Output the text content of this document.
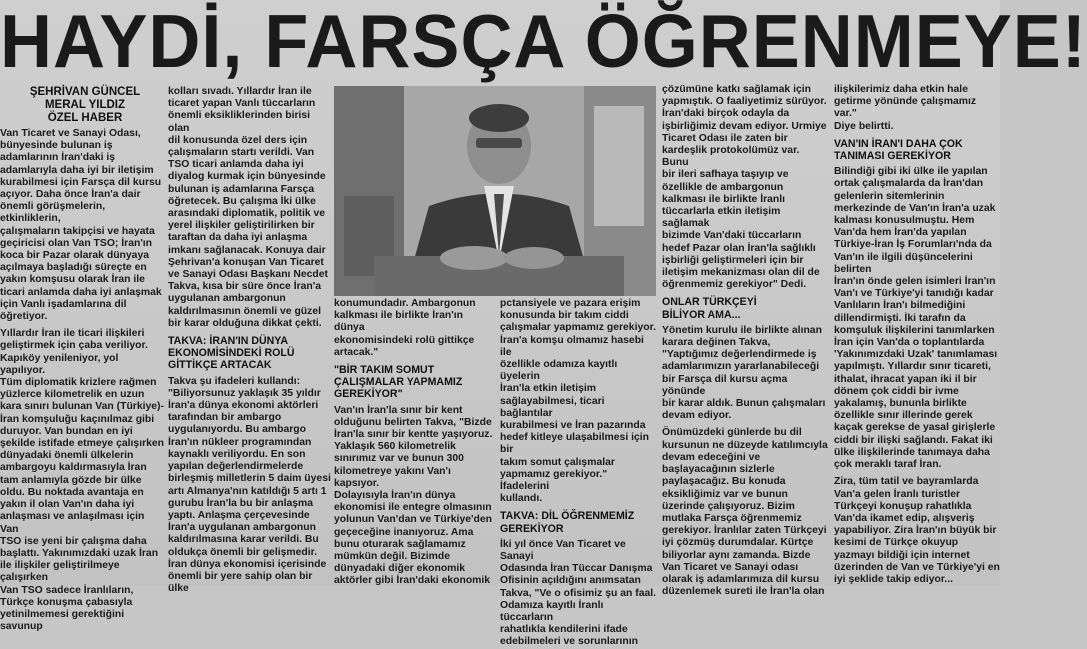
HAYDİ, FARSÇA ÖĞRENMEYE!
ŞEHRİVAN GÜNCEL
MERAL YILDIZ
ÖZEL HABER

Van Ticaret ve Sanayi Odası,
bünyesinde bulunan iş
adamlarının İran'daki iş
adamlarıyla daha iyi bir iletişim
kurabilmesi için Farsça dil kursu
açıyor. Daha önce İran'a dair
önemli görüşmelerin, etkinliklerin,
çalışmaların takipçisi ve hayata
geçiricisi olan Van TSO; İran'ın
koca bir Pazar olarak dünyaya
açılmaya başladığı süreçte en
yakın komşusu olarak İran ile
ticari anlamda daha iyi anlaşmak
için Vanlı işadamlarına dil
öğretiyor.

Yıllardır İran ile ticari ilişkileri
geliştirmek için çaba veriliyor.
Kapıköy yenileniyor, yol yapılıyor.
Tüm diplomatik krizlere rağmen
yüzlerce kilometrelik en uzun
kara sınırı bulunan Van (Türkiye)-
İran komşuluğu kaçınılmaz gibi
duruyor. Van bundan en iyi
şekilde istifade etmeye çalışırken
dünyadaki önemli ülkelerin
ambargoyu kaldırmasıyla İran
tam anlamıyla gözde bir ülke
oldu. Bu noktada avantaja en
yakın il olan Van'ın daha iyi
anlaşması ve anlaşılması için Van
TSO ise yeni bir çalışma daha
başlattı. Yakınımızdaki uzak İran
ile ilişkiler geliştirilmeye çalışırken
Van TSO sadece İranlıların,
Türkçe konuşma çabasıyla
yetinilmemesi gerektiğini savunup

kolları sıvadı. Yıllardır İran ile
ticaret yapan Vanlı tüccarların
önemli eksikliklerinden birisi olan
dil konusunda özel ders için
çalışmaların startı verildi. Van
TSO ticari anlamda daha iyi
diyalog kurmak için bünyesinde
bulunan iş adamlarına Farsça
öğretecek. Bu çalışma İki ülke
arasındaki diplomatik, politik ve
yerel ilişkiler geliştirilirken bir
taraftan da daha iyi anlaşma
imkanı sağlanacak. Konuya dair
Şehrivan'a konuşan Van Ticaret
ve Sanayi Odası Başkanı Necdet
Takva, kısa bir süre önce İran'a
uygulanan ambargonun
kaldırılmasının önemli ve güzel
bir karar olduğuna dikkat çekti.

TAKVA: İRAN'IN DÜNYA
EKONOMİSİNDEKİ ROLÜ
GİTTİKÇE ARTACAK

Takva şu ifadeleri kullandı:
"Biliyorsunuz yaklaşık 35 yıldır
İran'a dünya ekonomi aktörleri
tarafından bir ambargo
uygulanıyordu. Bu ambargo
İran'ın nükleer programından
kaynaklı veriliyordu. En son
yapılan değerlendirmelerde
birleşmiş milletlerin 5 daim üyesi
artı Almanya'nın katıldığı 5 artı 1
gurubu İran'la bu bir anlaşma
yaptı. Anlaşma çerçevesinde
İran'a uygulanan ambargonun
kaldırılmasına karar verildi. Bu
oldukça önemli bir gelişmedir.
İran dünya ekonomisi içerisinde
önemli bir yere sahip olan bir ülke

konumundadır. Ambargonun
kalkması ile birlikte İran'ın dünya
ekonomisindeki rolü gittikçe
artacak."

"BİR TAKIM SOMUT
ÇALIŞMALAR YAPMAMIZ
GEREKİYOR"

Van'ın İran'la sınır bir kent
olduğunu belirten Takva, "Bizde
İran'la sınır bir kentte yaşıyoruz.
Yaklaşık 560 kilometrelik
sınırımız var ve bunun 300
kilometreye yakını Van'ı kapsıyor.
Dolayısıyla İran'ın dünya
ekonomisi ile entegre olmasının
yolunun Van'dan ve Türkiye'den
geçeceğine inanıyoruz. Ama
bunu oturarak sağlamamız
mümkün değil. Bizimde
dünyadaki diğer ekonomik
aktörler gibi İran'daki ekonomik

pctansiyele ve pazara erişim
konusunda bir takım ciddi
çalışmalar yapmamız gerekiyor.
İran'a komşu olmamız hasebi ile
özellikle odamıza kayıtlı üyelerin
İran'la etkin iletişim
sağlayabilmesi, ticari bağlantılar
kurabilmesi ve İran pazarında
hedef kitleye ulaşabilmesi için bir
takım somut çalışmalar
yapmamız gerekiyor." İfadelerini
kullandı.

TAKVA: DİL ÖĞRENMEMİZ
GEREKİYOR

İki yıl önce Van Ticaret ve Sanayi
Odasında İran Tüccar Danışma
Ofisinin açıldığını anımsatan
Takva, "Ve o ofisimiz şu an faal.
Odamıza kayıtlı İranlı tüccarların
rahatlıkla kendilerini ifade
edebilmeleri ve sorunlarının

çözümüne katkı sağlamak için
yapmıştık. O faaliyetimiz sürüyor.
İran'daki birçok odayla da
işbirliğimiz devam ediyor. Urmiye
Ticaret Odası ile zaten bir
kardeşlik protokolümüz var. Bunu
bir ileri safhaya taşıyıp ve
özellikle de ambargonun
kalkması ile birlikte İranlı
tüccarlarla etkin iletişim sağlamak
bizimde Van'daki tüccarların
hedef Pazar olan İran'la sağlıklı
işbirliği geliştirmeleri için bir
iletişim mekanizması olan dil de
öğrenmemiz gerekiyor" Dedi.

ONLAR TÜRKÇEYİ
BİLİYOR AMA...

Yönetim kurulu ile birlikte alınan
karara değinen Takva,
"Yaptığımız değerlendirmede iş
adamlarımızın yararlanabileceği
bir Farsça dil kursu açma yönünde
bir karar aldık. Bunun çalışmaları
devam ediyor.

Önümüzdeki günlerde bu dil
kursunun ne düzeyde katılımcıyla
devam edeceğini ve
başlayacağının sizlerle
paylaşacağız. Bu konuda
eksikliğimiz var ve bunun
üzerinde çalışıyoruz. Bizim
mutlaka Farsça öğrenmemiz
gerekiyor. İranlılar zaten Türkçeyi
iyi çözmüş durumdalar. Kürtçe
biliyorlar aynı zamanda. Bizde
Van Ticaret ve Sanayi odası
olarak iş adamlarımıza dil kursu
düzenlemek sureti ile İran'la olan

ilişkilerimiz daha etkin hale
getirme yönünde çalışmamız var."
Diye belirtti.

VAN'IN İRAN'I DAHA ÇOK
TANIMASI GEREKİYOR

Bilindiği gibi iki ülke ile yapılan
ortak çalışmalarda da İran'dan
gelenlerin sitemlerinin
merkezinde de Van'ın İran'a uzak
kalması konusulmuştu. Hem
Van'da hem İran'da yapılan
Türkiye-İran İş Forumları'nda da
Van'ın ile ilgili düşüncelerini belirten
İran'ın önde gelen isimleri İran'ın
Van'ı ve Türkiye'yi tanıdığı kadar
Vanlıların İran'ı bilmediğini
dillendirmişti. İki tarafın da
komşuluk ilişkilerini tanımlarken
İran için Van'da o toplantılarda
'Yakınımızdaki Uzak' tanımlaması
yapılmıştı. Yıllardır sınır ticareti,
ithalat, ihracat yapan iki il bir
dönem çok ciddi bir ivme
yakalamış, bununla birlikte
özellikle sınır illerinde gerek
kaçak gerekse de yasal girişlerle
ciddi bir ilişki sağlandı. Fakat iki
ülke ilişkilerinde tanımaya daha
çok meraklı taraf İran.

Zira, tüm tatil ve bayramlarda
Van'a gelen İranlı turistler
Türkçeyi konuşup rahatlıkla
Van'da ikamet edip, alışveriş
yapabiliyor. Zira İran'ın büyük bir
kesimi de Türkçe okuyup
yazmayı bildiği için internet
üzerinden de Van ve Türkiye'yi en
iyi şeklide takip ediyor...
